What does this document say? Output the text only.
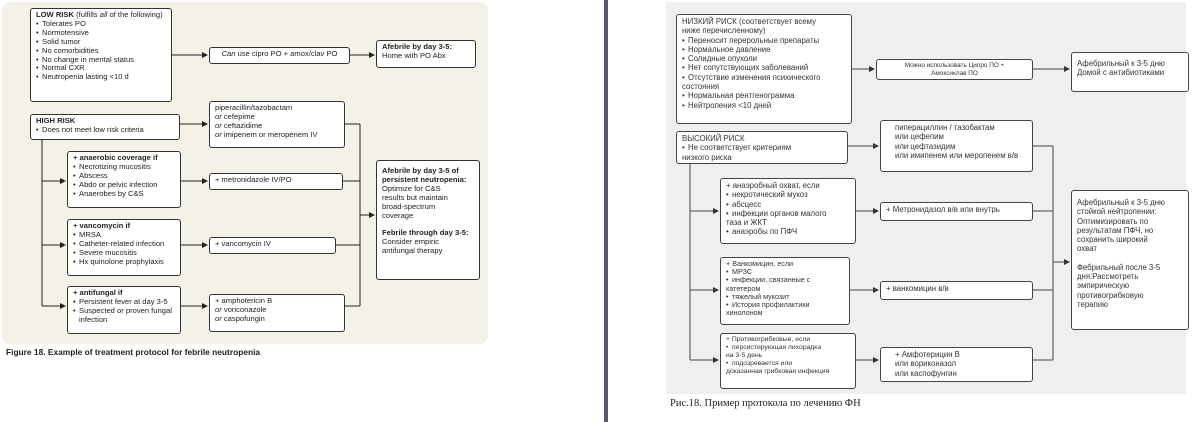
LOW RISK (fulfills all of the following)
• Tolerates PO
• Normotensive
• Solid tumor
• No comorbidities
• No change in mental status
• Normal CXR
• Neutropenia lasting <10 d
Can use cipro PO + amox/clav PO
Afebrile by day 3-5:
Home with PO Abx
HIGH RISK
• Does not meet low risk criteria
piperacillin/tazobactam
or cefepime
or ceftazidime
or imipenem or meropenem IV
+ anaerobic coverage if
• Necrotizing mucositis
• Abscess
• Abdo or pelvic infection
• Anaerobes by C&S
+ metronidazole IV/PO
+ vancomycin if
• MRSA
• Catheter-related infection
• Severe mucositis
• Hx quinolone prophylaxis
+ vancomycin IV
+ antifungal if
• Persistent fever at day 3-5
• Suspected or proven fungal infection
+ amphotericin B
or voriconazole
or caspofungin
Afebrile by day 3-5 of
persistent neutropenia:
Optimize for C&S
results but maintain
broad-spectrum
coverage
Febrile through day 3-5:
Consider empiric
antifungal therapy
Figure 18. Example of treatment protocol for febrile neutropenia
НИЗКИЙ РИСК (соответствует всему
ниже перечисленному)
• Переносит перерольные препараты
• Нормальное давление
• Солидные опухоли
• Нет сопутствующих заболеваний
• Отсутствие изменения психического
состояния
• Нормальная рентгенограмма
• Нейтропения <10 дней
Можно использовать Ципро ПО +
Амоксиклав ПО
Афебрильный к 3-5 дню
Домой с антибиотиками
ВЫСОКИЙ РИСК
• Не соответствует критериям
низкого риска
пиперациллин / тазобактам
или цефепим
или цефтазидим
или имипенем или меропенем в/в
+ анаэробный охват, если
• некротический мукоз
• абсцесс
• инфекции органов малого
таза и ЖКТ
• анаэробы по ПФЧ
+ Метронидазол в/в или внутрь
+ Ванкомицин, если
• МРЗС
• инфекции, связанные с
катетером
• тяжелый мукозит
• История профилактики
хинолоном
+ ванкомицин в/в
+ Противогрибковые, если
• персистирующая лихорадка
на 3-5 день
• подозревается или
доказанная грибковая инфекция
+ Амфотерицин В
или вориконазол
или каспофунгин
Афебрильный к 3-5 дню
стойкой нейтропении:
Оптимизировать по
результатам ПФЧ, но
сохранить широкий
охват
Фебрильный после 3-5
дня:Рассмотреть
эмпирическую
противогрибковую
терапию
Рис.18. Пример протокола по лечению ФН
